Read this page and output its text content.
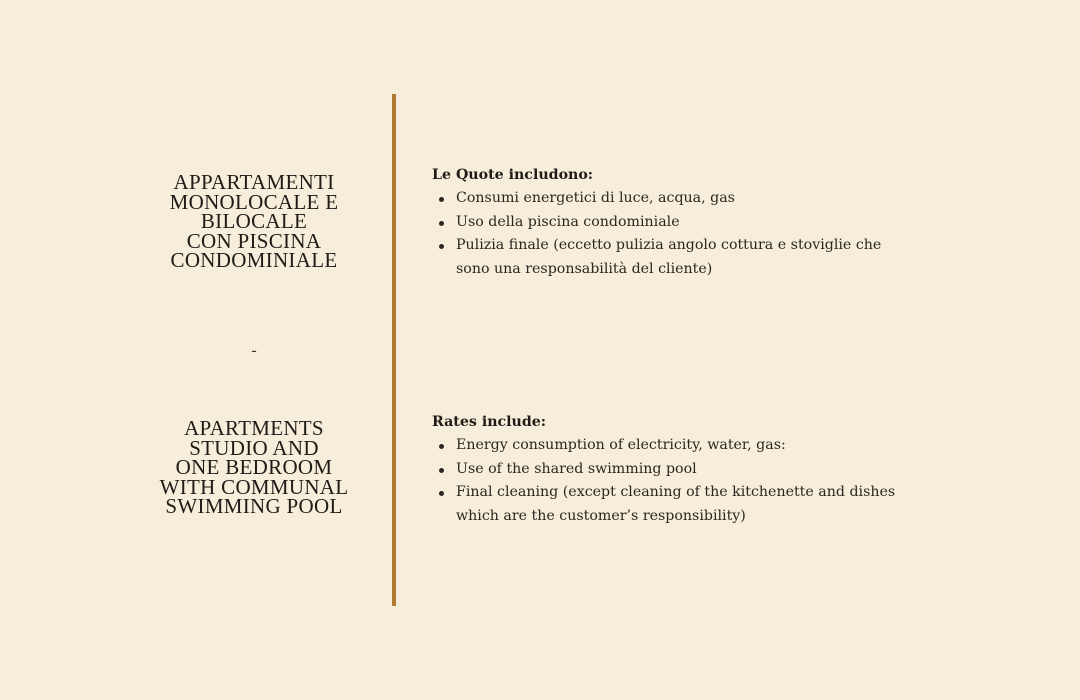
APPARTAMENTI
MONOLOCALE E
BILOCALE
CON PISCINA
CONDOMINIALE
-
APARTMENTS
STUDIO AND
ONE BEDROOM
WITH COMMUNAL
SWIMMING POOL
Le Quote includono:
Consumi energetici di luce, acqua, gas
Uso della piscina condominiale
Pulizia finale (eccetto pulizia angolo cottura e stoviglie che sono una responsabilità del cliente)
Rates include:
Energy consumption of electricity, water, gas:
Use of the shared swimming pool
Final cleaning (except cleaning of the kitchenette and dishes which are the customer’s responsibility)
